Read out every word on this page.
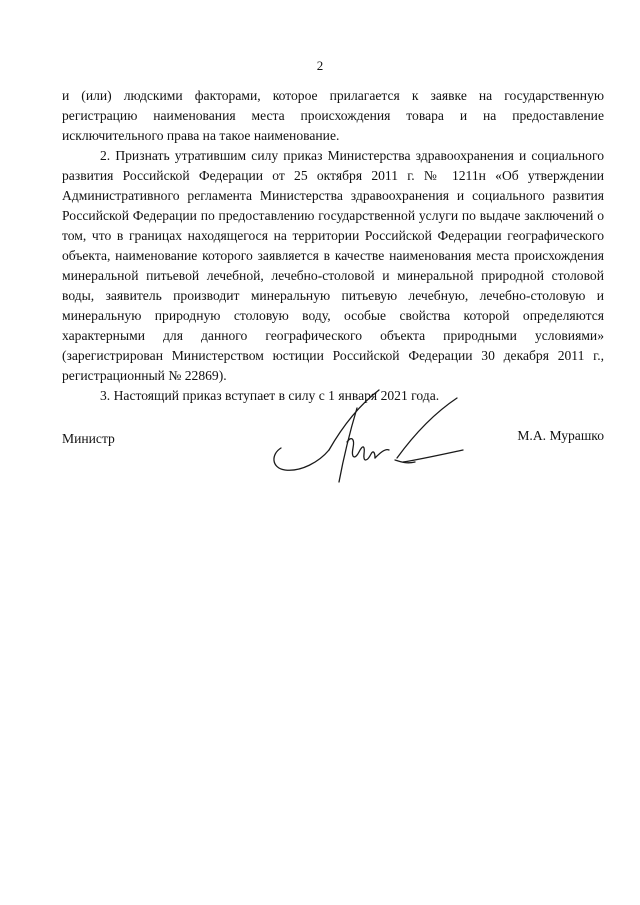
2

и (или) людскими факторами, которое прилагается к заявке на государственную регистрацию наименования места происхождения товара и на предоставление исключительного права на такое наименование.

2. Признать утратившим силу приказ Министерства здравоохранения и социального развития Российской Федерации от 25 октября 2011 г. № 1211н «Об утверждении Административного регламента Министерства здравоохранения и социального развития Российской Федерации по предоставлению государственной услуги по выдаче заключений о том, что в границах находящегося на территории Российской Федерации географического объекта, наименование которого заявляется в качестве наименования места происхождения минеральной питьевой лечебной, лечебно-столовой и минеральной природной столовой воды, заявитель производит минеральную питьевую лечебную, лечебно-столовую и минеральную природную столовую воду, особые свойства которой определяются характерными для данного географического объекта природными условиями» (зарегистрирован Министерством юстиции Российской Федерации 30 декабря 2011 г., регистрационный № 22869).

3. Настоящий приказ вступает в силу с 1 января 2021 года.

Министр	М.А. Мурашко
